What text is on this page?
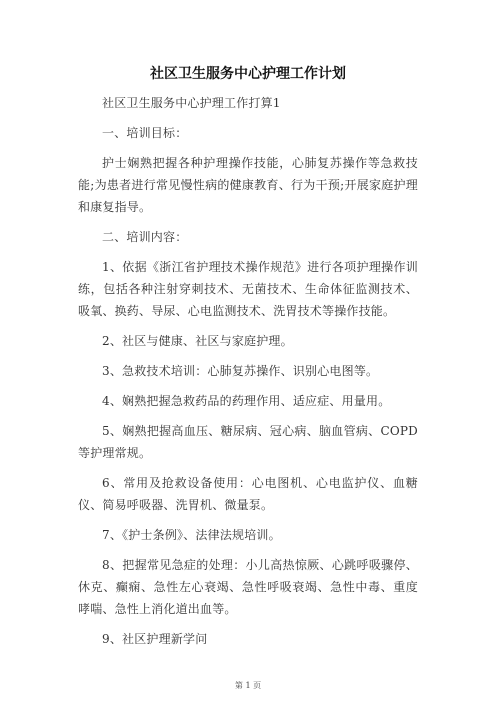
社区卫生服务中心护理工作计划

社区卫生服务中心护理工作打算1

一、培训目标：

护士娴熟把握各种护理操作技能，心肺复苏操作等急救技能;为患者进行常见慢性病的健康教育、行为干预;开展家庭护理和康复指导。

二、培训内容：

1、依据《浙江省护理技术操作规范》进行各项护理操作训练，包括各种注射穿刺技术、无菌技术、生命体征监测技术、吸氧、换药、导尿、心电监测技术、洗胃技术等操作技能。

2、社区与健康、社区与家庭护理。

3、急救技术培训：心肺复苏操作、识别心电图等。

4、娴熟把握急救药品的药理作用、适应症、用量用。

5、娴熟把握高血压、糖尿病、冠心病、脑血管病、COPD等护理常规。

6、常用及抢救设备使用：心电图机、心电监护仪、血糖仪、简易呼吸器、洗胃机、微量泵。

7、《护士条例》、法律法规培训。

8、把握常见急症的处理：小儿高热惊厥、心跳呼吸骤停、休克、癫痫、急性左心衰竭、急性呼吸衰竭、急性中毒、重度哮喘、急性上消化道出血等。

9、社区护理新学问

第 1 页
